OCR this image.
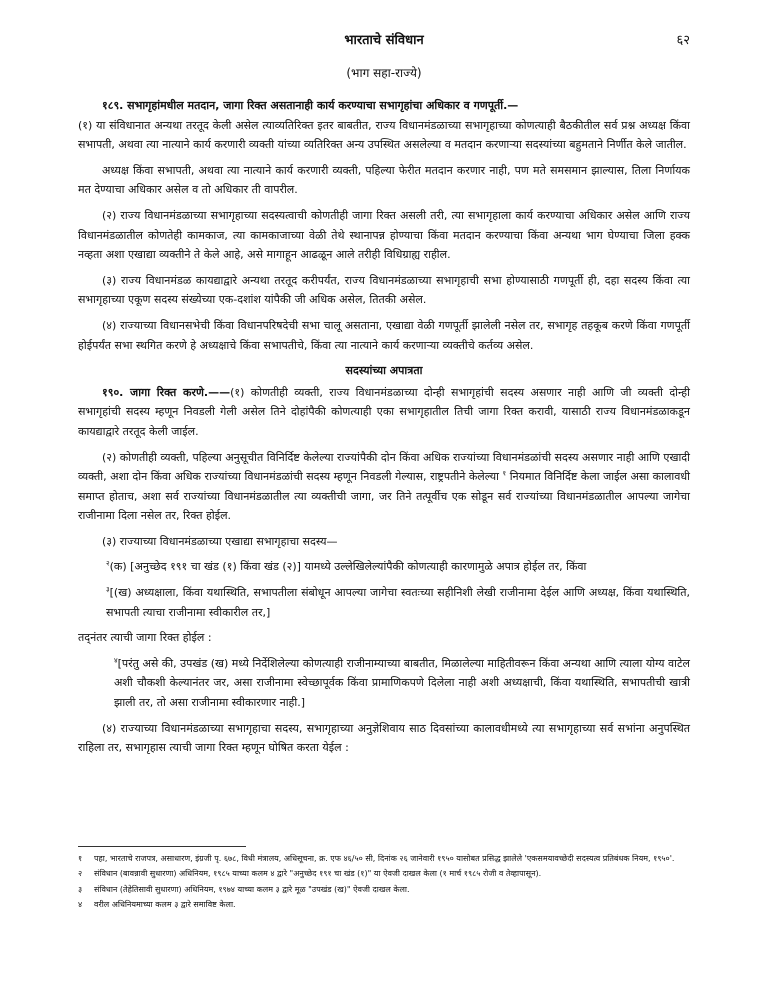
भारताचे संविधान	६२
(भाग सहा-राज्ये)

१८९. सभागृहांमधील मतदान, जागा रिक्त असतानाही कार्य करण्याचा सभागृहांचा अधिकार व गणपूर्ती.—

(१) या संविधानात अन्यथा तरतूद केली असेल त्याव्यतिरिक्त इतर बाबतीत, राज्य विधानमंडळाच्या सभागृहाच्या कोणत्याही बैठकीतील सर्व प्रश्न अध्यक्ष किंवा सभापती, अथवा त्या नात्याने कार्य करणारी व्यक्ती यांच्या व्यतिरिक्त अन्य उपस्थित असलेल्या व मतदान करणाऱ्या सदस्यांच्या बहुमताने निर्णीत केले जातील.

अध्यक्ष किंवा सभापती, अथवा त्या नात्याने कार्य करणारी व्यक्ती, पहिल्या फेरीत मतदान करणार नाही, पण मते समसमान झाल्यास, तिला निर्णायक मत देण्याचा अधिकार असेल व तो अधिकार ती वापरील.

(२) राज्य विधानमंडळाच्या सभागृहाच्या सदस्यत्वाची कोणतीही जागा रिक्त असली तरी, त्या सभागृहाला कार्य करण्याचा अधिकार असेल आणि राज्य विधानमंडळातील कोणतेही कामकाज, त्या कामकाजाच्या वेळी तेथे स्थानापन्न होण्याचा किंवा मतदान करण्याचा किंवा अन्यथा भाग घेण्याचा जिला हक्क नव्हता अशा एखाद्या व्यक्तीने ते केले आहे, असे मागाहून आढळून आले तरीही विधिग्राह्य राहील.

(३) राज्य विधानमंडळ कायद्याद्वारे अन्यथा तरतूद करीपर्यंत, राज्य विधानमंडळाच्या सभागृहाची सभा होण्यासाठी गणपूर्ती ही, दहा सदस्य किंवा त्या सभागृहाच्या एकूण सदस्य संख्येच्या एक-दशांश यांपैकी जी अधिक असेल, तितकी असेल.

(४) राज्याच्या विधानसभेची किंवा विधानपरिषदेची सभा चालू असताना, एखाद्या वेळी गणपूर्ती झालेली नसेल तर, सभागृह तहकूब करणे किंवा गणपूर्ती होईपर्यंत सभा स्थगित करणे हे अध्यक्षाचे किंवा सभापतीचे, किंवा त्या नात्याने कार्य करणाऱ्या व्यक्तीचे कर्तव्य असेल.

सदस्यांच्या अपात्रता

१९०. जागा रिक्त करणे.——(१) कोणतीही व्यक्ती, राज्य विधानमंडळाच्या दोन्ही सभागृहांची सदस्य असणार नाही आणि जी व्यक्ती दोन्ही सभागृहांची सदस्य म्हणून निवडली गेली असेल तिने दोहांपैकी कोणत्याही एका सभागृहातील तिची जागा रिक्त करावी, यासाठी राज्य विधानमंडळाकडून कायद्याद्वारे तरतूद केली जाईल.

(२) कोणतीही व्यक्ती, पहिल्या अनुसूचीत विनिर्दिष्ट केलेल्या राज्यांपैकी दोन किंवा अधिक राज्यांच्या विधानमंडळांची सदस्य असणार नाही आणि एखादी व्यक्ती, अशा दोन किंवा अधिक राज्यांच्या विधानमंडळांची सदस्य म्हणून निवडली गेल्यास, राष्ट्रपतीने केलेल्या $^१$ नियमात विनिर्दिष्ट केला जाईल असा कालावधी समाप्त होताच, अशा सर्व राज्यांच्या विधानमंडळातील त्या व्यक्तीची जागा, जर तिने तत्पूर्वीच एक सोडून सर्व राज्यांच्या विधानमंडळातील आपल्या जागेचा राजीनामा दिला नसेल तर, रिक्त होईल.

(३) राज्याच्या विधानमंडळाच्या एखाद्या सभागृहाचा सदस्य—

$^२$(क) [अनुच्छेद १९१ चा खंड (१) किंवा खंड (२)] यामध्ये उल्लेखिलेल्यांपैकी कोणत्याही कारणामुळे अपात्र होईल तर, किंवा

$^३$[(ख) अध्यक्षाला, किंवा यथास्थिति, सभापतीला संबोधून आपल्या जागेचा स्वतःच्या सहीनिशी लेखी राजीनामा देईल आणि अध्यक्ष, किंवा यथास्थिति, सभापती त्याचा राजीनामा स्वीकारील तर,]

तद्नंतर त्याची जागा रिक्त होईल :

$^४$[परंतु असे की, उपखंड (ख) मध्ये निर्देशिलेल्या कोणत्याही राजीनाम्याच्या बाबतीत, मिळालेल्या माहितीवरून किंवा अन्यथा आणि त्याला योग्य वाटेल अशी चौकशी केल्यानंतर जर, असा राजीनामा स्वेच्छापूर्वक किंवा प्रामाणिकपणे दिलेला नाही अशी अध्यक्षाची, किंवा यथास्थिति, सभापतीची खात्री झाली तर, तो असा राजीनामा स्वीकारणार नाही.]

(४) राज्याच्या विधानमंडळाच्या सभागृहाचा सदस्य, सभागृहाच्या अनुज्ञेशिवाय साठ दिवसांच्या कालावधीमध्ये त्या सभागृहाच्या सर्व सभांना अनुपस्थित राहिला तर, सभागृहास त्याची जागा रिक्त म्हणून घोषित करता येईल :

१ पहा, भारताचे राजपत्र, असाधारण, इंग्रजी पृ. ६७८, विधी मंत्रालय, अधिसूचना, क्र. एफ ४६/५० सी, दिनांक २६ जानेवारी १९५० यासोबत प्रसिद्ध झालेले 'एकसमयावच्छेदी सदस्यत्व प्रतिबंधक नियम, १९५०'.

२ संविधान (बावन्नावी सुधारणा) अधिनियम, १९८५ याच्या कलम ४ द्वारे "अनुच्छेद १९१ चा खंड (१)" या ऐवजी दाखल केला (१ मार्च १९८५ रोजी व तेव्हापासून).

३ संविधान (तेहेतिसावी सुधारणा) अधिनियम, १९७४ याच्या कलम ३ द्वारे मूळ "उपखंड (ख)" ऐवजी दाखल केला.

४ वरील अधिनियमाच्या कलम ३ द्वारे समाविष्ट केला.
